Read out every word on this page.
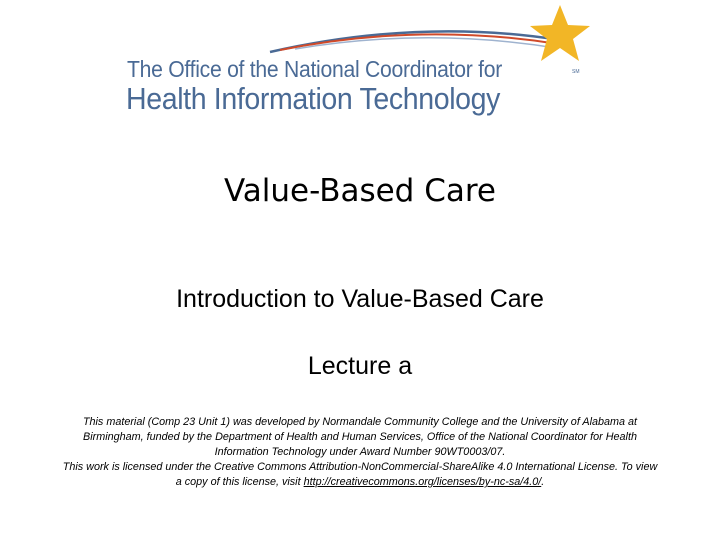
The Office of the National Coordinator for
Health Information Technology
SM
Value-Based Care
Introduction to Value-Based Care
Lecture a

This material (Comp 23 Unit 1) was developed by Normandale Community College and the University of Alabama at Birmingham, funded by the Department of Health and Human Services, Office of the National Coordinator for Health Information Technology under Award Number 90WT0003/07.

This work is licensed under the Creative Commons Attribution-NonCommercial-ShareAlike 4.0 International License. To view a copy of this license, visit http://creativecommons.org/licenses/by-nc-sa/4.0/.
